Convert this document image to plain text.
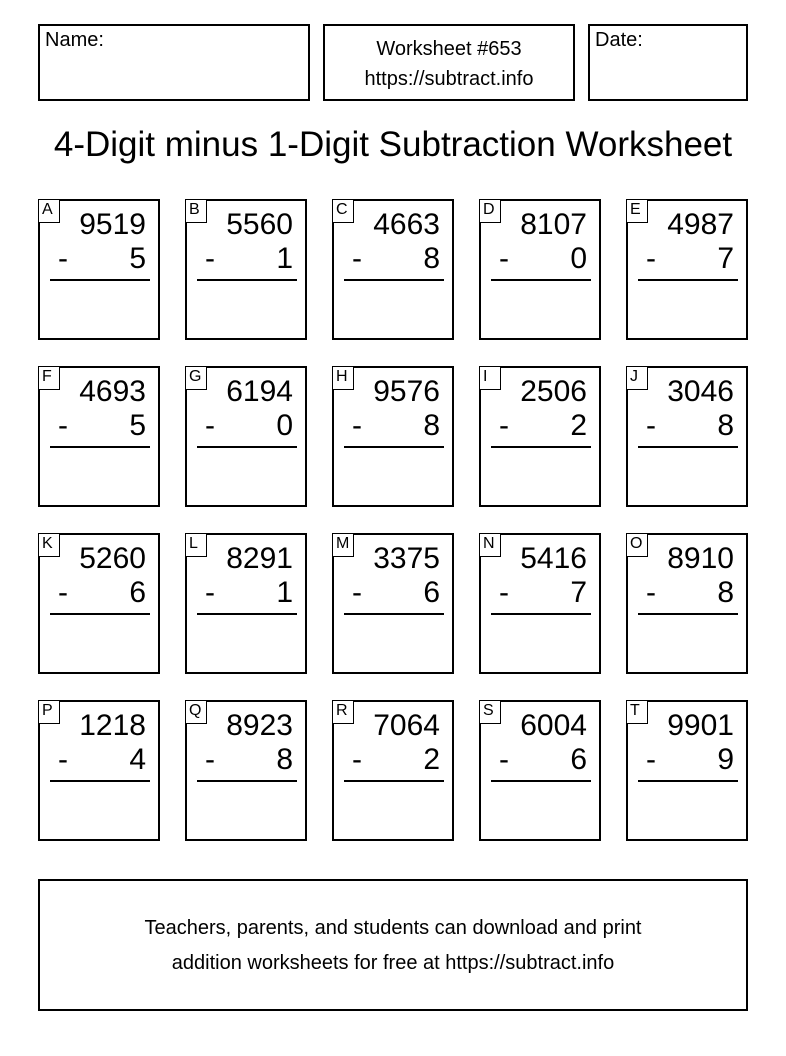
Name:	Worksheet #653
https://subtract.info
Date:
4-Digit minus 1-Digit Subtraction Worksheet
A 9519
- 5
B 5560
- 1
C 4663
- 8
D 8107
- 0
E 4987
- 7
F 4693
- 5
G 6194
- 0
H 9576
- 8
I	2506
- 2
J 3046
- 8
K 5260
- 6
L 8291
- 1
M 3375
- 6
N 5416
- 7
O 8910
- 8
P 1218
- 4
Q 8923
- 8
R 7064
- 2
S 6004
- 6
T 9901
- 9
Teachers, parents, and students can download and print
addition worksheets for free at https://subtract.info
